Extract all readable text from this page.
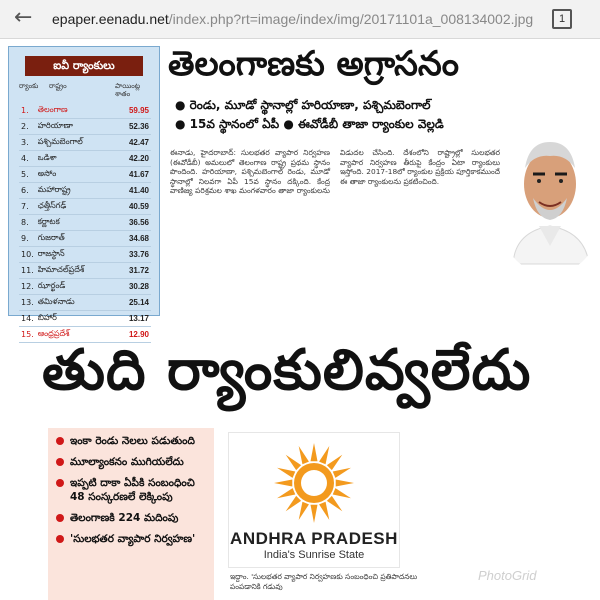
← epaper.eenadu.net/index.php?rt=image/index/img/20171101a_008134002.jpg	1
ఐవీ ర్యాంకులు
ర్యాంకు రాష్ట్రం	పాయింట్ల శాతం
1.	తెలంగాణ	59.95
2.	హరియాణా	52.36
3.	పశ్చిమబెంగాల్	42.47
4.	ఒడిశా	42.20
5.	అసోం	41.67
6.	మహారాష్ట్ర	41.40
7.	ఛత్తీస్‌గఢ్	40.59
8.	కర్ణాటక	36.56
9.	గుజరాత్	34.68
10.	రాజస్థాన్	33.76
11.	హిమాచల్‌ప్రదేశ్	31.72
12.	ఝార్ఖండ్	30.28
13.	తమిళనాడు	25.14
14.	బిహార్	13.17
15.	ఆంధ్రప్రదేశ్	12.90
తెలంగాణకు అగ్రాసనం
● రెండు, మూడో స్థానాల్లో హరియాణా, పశ్చిమబెంగాల్
● 15వ స్థానంలో ఏపీ ● ఈవోడీబీ తాజా ర్యాంకుల వెల్లడి
ఈనాడు, హైదరాబాద్: సులభతర వ్యాపార నిర్వహణ (ఈవోడీబీ) అమలులో తెలంగాణ రాష్ట్ర ప్రథమ స్థానం పొందింది. హరియాణా, పశ్చిమబెంగాల్ రెండు, మూడో స్థానాల్లో నిలవగా ఏపీ 15వ స్థానం దక్కింది. కేంద్ర వాణిజ్య పరిశ్రమల శాఖ మంగళవారం తాజా ర్యాంకులను విడుదల చేసింది. దేశంలోని రాష్ట్రాల్లో సులభతర వ్యాపార నిర్వహణ తీరుపై కేంద్రం ఏటా ర్యాంకులు ఇస్తోంది. 2017-18లో ర్యాంకుల ప్రక్రియ పూర్తికాకముందే ఈ తాజా ర్యాంకులను ప్రకటించింది.
తుది ర్యాంకులివ్వలేదు
ఇంకా రెండు నెలలు పడుతుంది
మూల్యాంకనం ముగియలేదు
ఇప్పటి దాకా ఏపీకి సంబంధించి 48 సంస్కరణలే లెక్కింపు
తెలంగాణకి 224 మదింపు
'సులభతర వ్యాపార నిర్వహణ'	ANDHRA PRADESH
India's Sunrise State
ఇద్దాం. 'సులభతర వ్యాపార నిర్వహణకు సంబంధించి ప్రతిపాదనలు పంపడానికి గడువు
PhotoGrid
